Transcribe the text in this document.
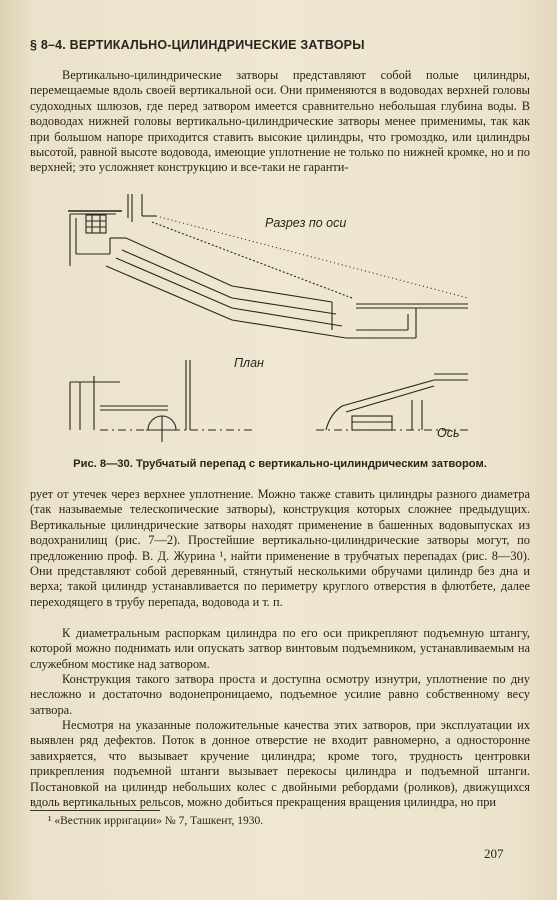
§ 8–4. ВЕРТИКАЛЬНО-ЦИЛИНДРИЧЕСКИЕ ЗАТВОРЫ
Вертикально-цилиндрические затворы представляют собой полые цилиндры, перемещаемые вдоль своей вертикальной оси. Они применяются в водоводах верхней головы судоходных шлюзов, где перед затвором имеется сравнительно небольшая глубина воды. В водоводах нижней головы вертикально-цилиндрические затворы менее применимы, так как при большом напоре приходится ставить высокие цилиндры, что громоздко, или цилиндры высотой, равной высоте водовода, имеющие уплотнение не только по нижней кромке, но и по верхней; это усложняет конструкцию и все-таки не гаранти-
Разрез по оси
План
Ось
Рис. 8—30. Трубчатый перепад с вертикально-цилиндрическим затвором.
рует от утечек через верхнее уплотнение. Можно также ставить цилиндры разного диаметра (так называемые телескопические затворы), конструкция которых сложнее предыдущих. Вертикальные цилиндрические затворы находят применение в башенных водовыпусках из водохранилищ (рис. 7—2). Простейшие вертикально-цилиндрические затворы могут, по предложению проф. В. Д. Журина ¹, найти применение в трубчатых перепадах (рис. 8—30). Они представляют собой деревянный, стянутый несколькими обручами цилиндр без дна и верха; такой цилиндр устанавливается по периметру круглого отверстия в флютбете, далее переходящего в трубу перепада, водовода и т. п.
К диаметральным распоркам цилиндра по его оси прикрепляют подъемную штангу, которой можно поднимать или опускать затвор винтовым подъемником, устанавливаемым на служебном мостике над затвором.
Конструкция такого затвора проста и доступна осмотру изнутри, уплотнение по дну несложно и достаточно водонепроницаемо, подъемное усилие равно собственному весу затвора.
Несмотря на указанные положительные качества этих затворов, при эксплуатации их выявлен ряд дефектов. Поток в донное отверстие не входит равномерно, а односторонне завихряется, что вызывает кручение цилиндра; кроме того, трудность центровки прикрепления подъемной штанги вызывает перекосы цилиндра и подъемной штанги. Постановкой на цилиндр небольших колес с двойными ребордами (роликов), движущихся вдоль вертикальных рельсов, можно добиться прекращения вращения цилиндра, но при
¹ «Вестник ирригации» № 7, Ташкент, 1930.
207
